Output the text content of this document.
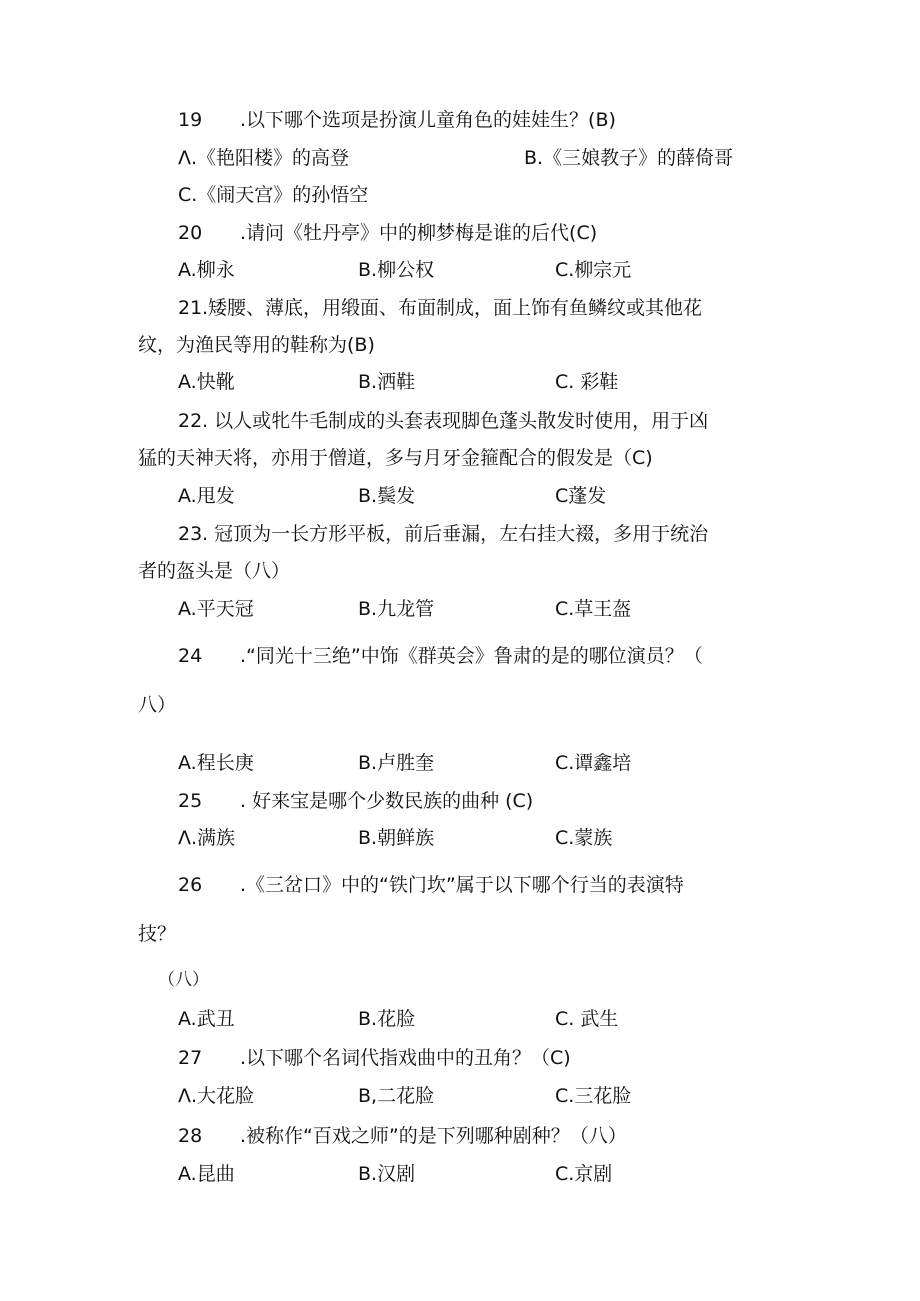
19 .以下哪个选项是扮演儿童角色的娃娃生？(B)
Λ.《艳阳楼》的高登	B.《三娘教子》的薛倚哥
C.《闹天宫》的孙悟空
20 .请问《牡丹亭》中的柳梦梅是谁的后代(C)
A.柳永	B.柳公权	C.柳宗元
21 .矮腰、薄底，用缎面、布面制成，面上饰有鱼鳞纹或其他花
纹，为渔民等用的鞋称为(B)
A.快靴	B.洒鞋	C. 彩鞋
22 . 以人或牝牛毛制成的头套表现脚色蓬头散发时使用，用于凶
猛的天神天将，亦用于僧道，多与月牙金箍配合的假发是（C)
A.甩发	B.鬓发	C蓬发
23 . 冠顶为一长方形平板，前后垂漏，左右挂大裰，多用于统治
者的盔头是（八）
A.平天冠	B.九龙管	C.草王盔
24 .“同光十三绝”中饰《群英会》鲁肃的是的哪位演员？（
八）
A.程长庚	B.卢胜奎	C.谭鑫培
25 . 好来宝是哪个少数民族的曲种 (C)
Λ.满族	B.朝鲜族	C.蒙族
26 .《三岔口》中的“铁门坎”属于以下哪个行当的表演特
技？
（八）
A.武丑	B.花脸	C. 武生
27 .以下哪个名词代指戏曲中的丑角？（C)
Λ.大花脸	B,二花脸	C.三花脸
28 .被称作“百戏之师”的是下列哪种剧种？（八）
A.昆曲	B.汉剧	C.京剧
